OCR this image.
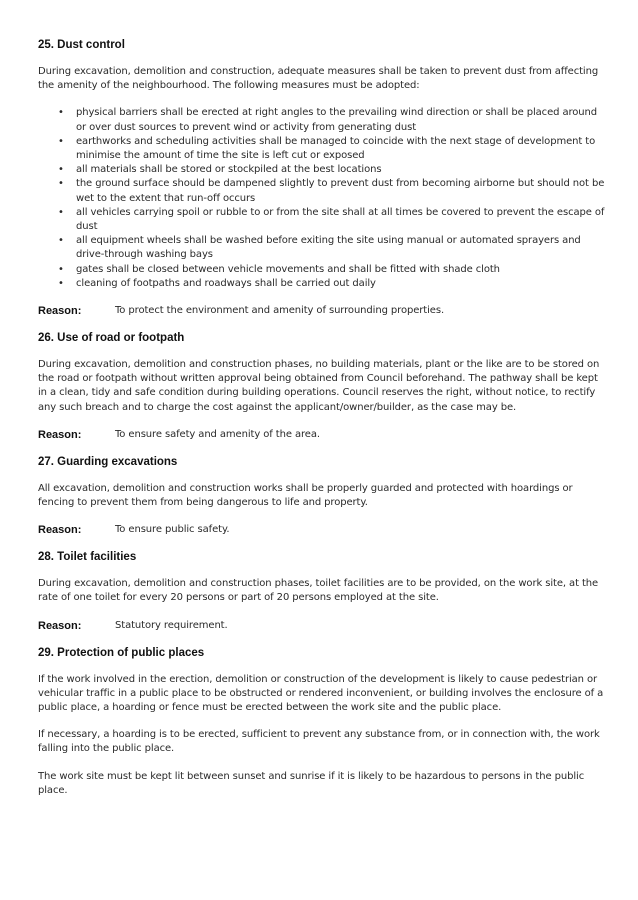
25. Dust control

During excavation, demolition and construction, adequate measures shall be taken to prevent dust from affecting the amenity of the neighbourhood. The following measures must be adopted:

• physical barriers shall be erected at right angles to the prevailing wind direction or shall be placed around or over dust sources to prevent wind or activity from generating dust
• earthworks and scheduling activities shall be managed to coincide with the next stage of development to minimise the amount of time the site is left cut or exposed
• all materials shall be stored or stockpiled at the best locations
• the ground surface should be dampened slightly to prevent dust from becoming airborne but should not be wet to the extent that run-off occurs
• all vehicles carrying spoil or rubble to or from the site shall at all times be covered to prevent the escape of dust
• all equipment wheels shall be washed before exiting the site using manual or automated sprayers and drive-through washing bays
• gates shall be closed between vehicle movements and shall be fitted with shade cloth
• cleaning of footpaths and roadways shall be carried out daily
Reason:	To protect the environment and amenity of surrounding properties.
26. Use of road or footpath

During excavation, demolition and construction phases, no building materials, plant or the like are to be stored on the road or footpath without written approval being obtained from Council beforehand. The pathway shall be kept in a clean, tidy and safe condition during building operations. Council reserves the right, without notice, to rectify any such breach and to charge the cost against the applicant/owner/builder, as the case may be.

Reason:	To ensure safety and amenity of the area.
27. Guarding excavations

All excavation, demolition and construction works shall be properly guarded and protected with hoardings or fencing to prevent them from being dangerous to life and property.

Reason:	To ensure public safety.
28. Toilet facilities

During excavation, demolition and construction phases, toilet facilities are to be provided, on the work site, at the rate of one toilet for every 20 persons or part of 20 persons employed at the site.

Reason:	Statutory requirement.
29. Protection of public places

If the work involved in the erection, demolition or construction of the development is likely to cause pedestrian or vehicular traffic in a public place to be obstructed or rendered inconvenient, or building involves the enclosure of a public place, a hoarding or fence must be erected between the work site and the public place.

If necessary, a hoarding is to be erected, sufficient to prevent any substance from, or in connection with, the work falling into the public place.

The work site must be kept lit between sunset and sunrise if it is likely to be hazardous to persons in the public place.
